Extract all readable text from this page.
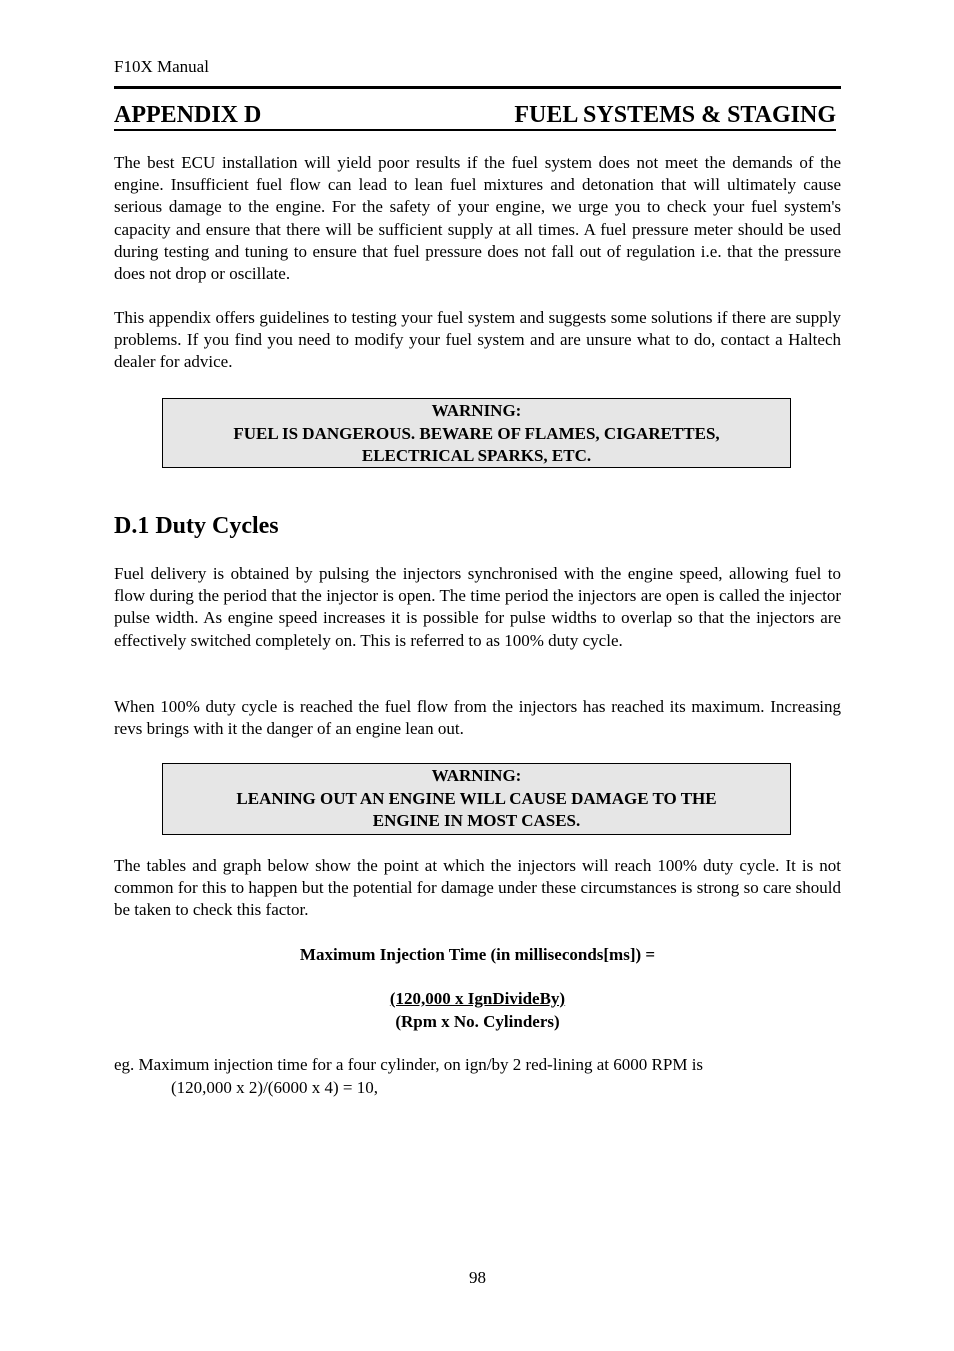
F10X Manual
APPENDIX D	FUEL SYSTEMS & STAGING

The best ECU installation will yield poor results if the fuel system does not meet the demands of the engine. Insufficient fuel flow can lead to lean fuel mixtures and detonation that will ultimately cause serious damage to the engine. For the safety of your engine, we urge you to check your fuel system's capacity and ensure that there will be sufficient supply at all times. A fuel pressure meter should be used during testing and tuning to ensure that fuel pressure does not fall out of regulation i.e. that the pressure does not drop or oscillate.

This appendix offers guidelines to testing your fuel system and suggests some solutions if there are supply problems. If you find you need to modify your fuel system and are unsure what to do, contact a Haltech dealer for advice.

WARNING:
FUEL IS DANGEROUS. BEWARE OF FLAMES, CIGARETTES,
ELECTRICAL SPARKS, ETC.
D.1 Duty Cycles

Fuel delivery is obtained by pulsing the injectors synchronised with the engine speed, allowing fuel to flow during the period that the injector is open. The time period the injectors are open is called the injector pulse width. As engine speed increases it is possible for pulse widths to overlap so that the injectors are effectively switched completely on. This is referred to as 100% duty cycle.

When 100% duty cycle is reached the fuel flow from the injectors has reached its maximum. Increasing revs brings with it the danger of an engine lean out.

WARNING:
LEANING OUT AN ENGINE WILL CAUSE DAMAGE TO THE
ENGINE IN MOST CASES.

The tables and graph below show the point at which the injectors will reach 100% duty cycle. It is not common for this to happen but the potential for damage under these circumstances is strong so care should be taken to check this factor.

Maximum Injection Time (in milliseconds[ms]) =
(120,000 x IgnDivideBy)
(Rpm x No. Cylinders)
eg. Maximum injection time for a four cylinder, on ign/by 2 red-lining at 6000 RPM is
(120,000 x 2)/(6000 x 4) = 10,
98
